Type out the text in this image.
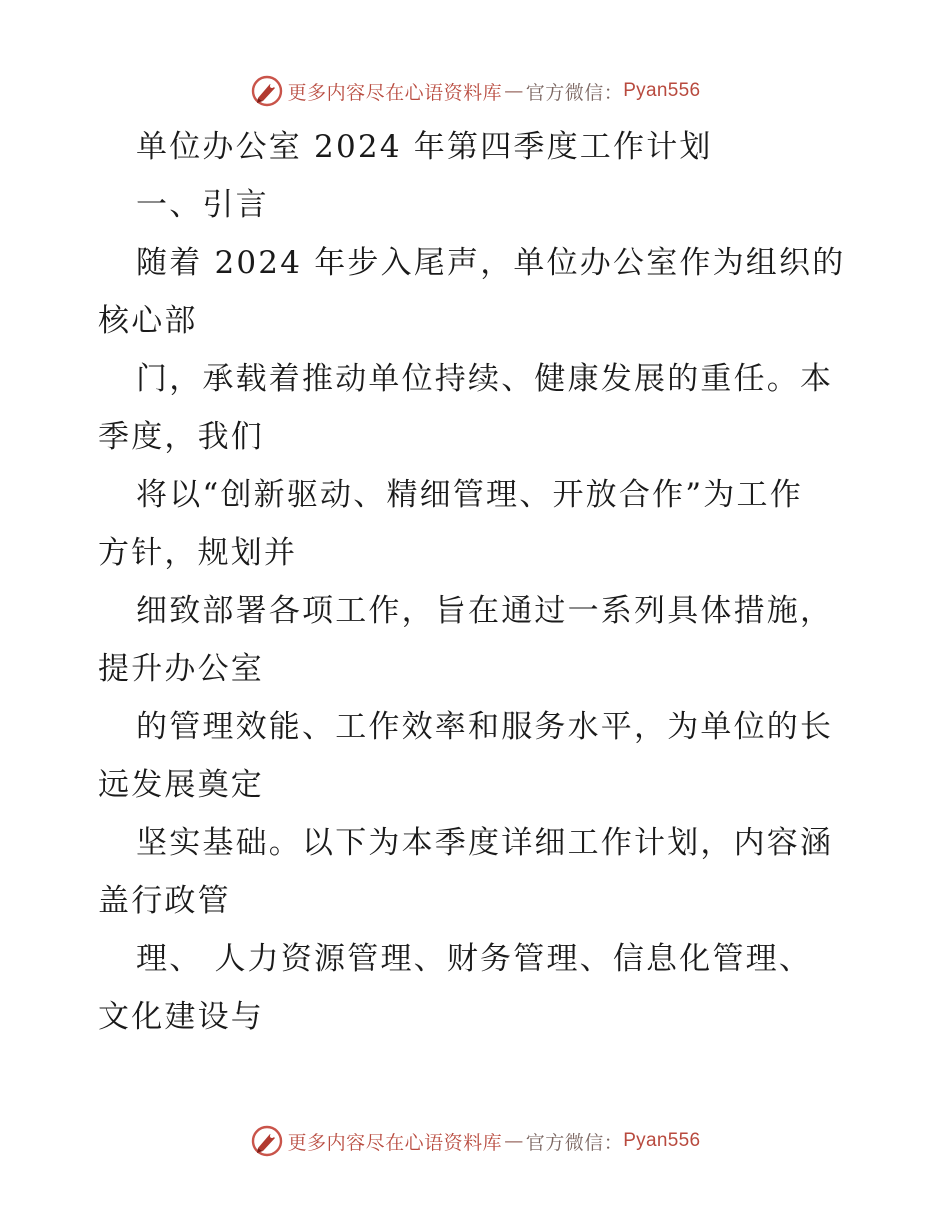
更多内容尽在心语资料库 — 官方微信： Pyan556
单位办公室 2024 年第四季度工作计划
一、引言
随着 2024 年步入尾声，单位办公室作为组织的
核心部
门，承载着推动单位持续、健康发展的重任。本
季度，我们
将以“创新驱动、精细管理、开放合作”为工作
方针，规划并
细致部署各项工作，旨在通过一系列具体措施，
提升办公室
的管理效能、工作效率和服务水平，为单位的长
远发展奠定
坚实基础。以下为本季度详细工作计划，内容涵
盖行政管
理、 人力资源管理、财务管理、信息化管理、
文化建设与
更多内容尽在心语资料库 — 官方微信： Pyan556
